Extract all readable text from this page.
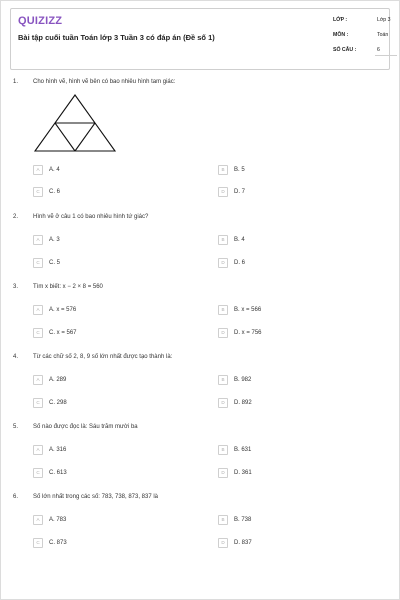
QUIZIZZ
Bài tập cuối tuần Toán lớp 3 Tuần 3 có đáp án (Đề số 1)
LỚP :	Lớp 3
MÔN :	Toán
SỐ CÂU :	6
1. Cho hình vẽ, hình vẽ bên có bao nhiêu hình tam giác:
A A. 4	B B. 5
C C. 6	D D. 7
2. Hình vẽ ở câu 1 có bao nhiêu hình tứ giác?
A A. 3	B B. 4
C C. 5	D D. 6
3. Tìm x biết: x − 2 × 8 = 560
A A. x = 576	B B. x = 566
C C. x = 567	D D. x = 756
4. Từ các chữ số 2, 8, 9 số lớn nhất được tạo thành là:
A A. 289	B B. 982
C C. 298	D D. 892
5. Số nào được đọc là: Sáu trăm mười ba
A A. 316	B B. 631
C C. 613	D D. 361
6. Số lớn nhất trong các số: 783, 738, 873, 837 là
A A. 783	B B. 738
C C. 873	D D. 837
